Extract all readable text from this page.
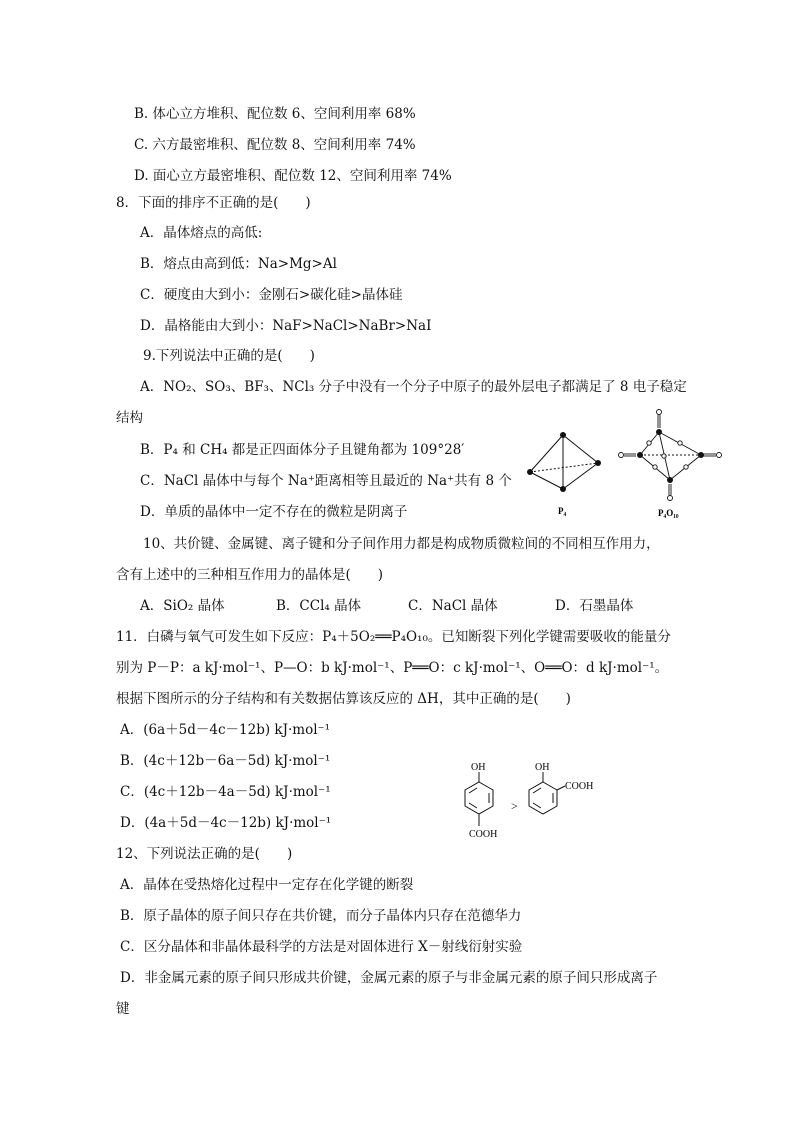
B. 体心立方堆积、配位数 6、空间利用率 68%
C. 六方最密堆积、配位数 8、空间利用率 74%
D. 面心立方最密堆积、配位数 12、空间利用率 74%
8．下面的排序不正确的是(　　)
A．晶体熔点的高低:
B．熔点由高到低：Na>Mg>Al
C．硬度由大到小：金刚石>碳化硅>晶体硅
D．晶格能由大到小：NaF>NaCl>NaBr>NaI
9.下列说法中正确的是(　　)
A．NO₂、SO₃、BF₃、NCl₃ 分子中没有一个分子中原子的最外层电子都满足了 8 电子稳定
结构
B．P₄ 和 CH₄ 都是正四面体分子且键角都为 109°28′
C．NaCl 晶体中与每个 Na⁺距离相等且最近的 Na⁺共有 8 个
D．单质的晶体中一定不存在的微粒是阴离子
10、共价键、金属键、离子键和分子间作用力都是构成物质微粒间的不同相互作用力，
含有上述中的三种相互作用力的晶体是(　　)
A．SiO₂ 晶体	B．CCl₄ 晶体	C．NaCl 晶体	D．石墨晶体
11．白磷与氧气可发生如下反应：P₄＋5O₂══P₄O₁₀。已知断裂下列化学键需要吸收的能量分
别为 P－P：a kJ·mol⁻¹、P—O：b kJ·mol⁻¹、P══O：c kJ·mol⁻¹、O══O：d kJ·mol⁻¹。
根据下图所示的分子结构和有关数据估算该反应的 ΔH，其中正确的是(　　)
A．(6a＋5d－4c－12b) kJ·mol⁻¹
B．(4c＋12b－6a－5d) kJ·mol⁻¹
C．(4c＋12b－4a－5d) kJ·mol⁻¹
D．(4a＋5d－4c－12b) kJ·mol⁻¹
12、下列说法正确的是(　　)
A．晶体在受热熔化过程中一定存在化学键的断裂
B．原子晶体的原子间只存在共价键，而分子晶体内只存在范德华力
C．区分晶体和非晶体最科学的方法是对固体进行 X－射线衍射实验
D．非金属元素的原子间只形成共价键，金属元素的原子与非金属元素的原子间只形成离子
键
P₄	P₄O₁₀
OH
COOH
>
OH
COOH
